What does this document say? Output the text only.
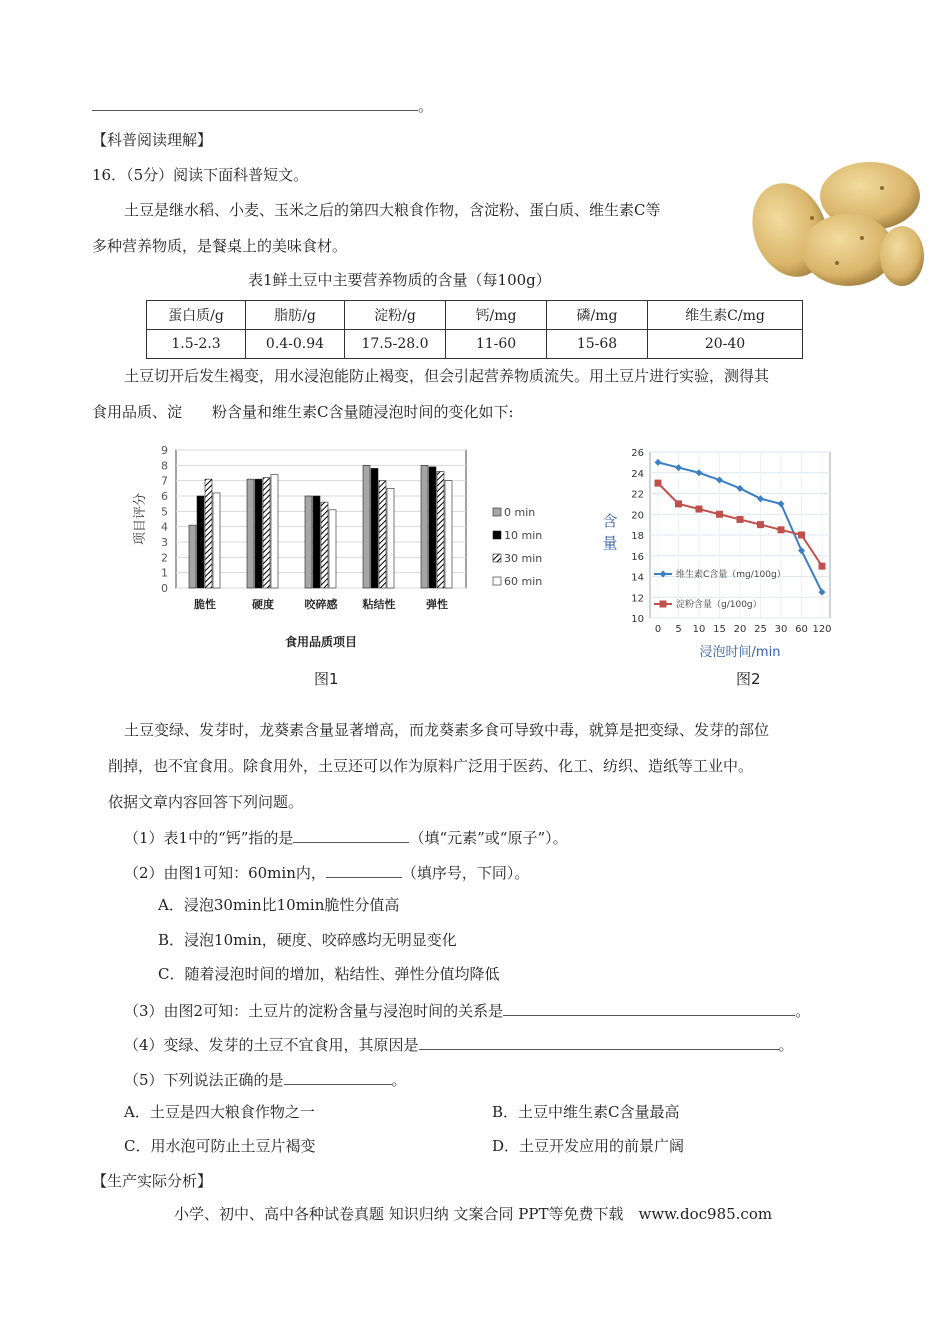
。
【科普阅读理解】
16．（5分）阅读下面科普短文。
土豆是继水稻、小麦、玉米之后的第四大粮食作物，含淀粉、蛋白质、维生素C等
多种营养物质，是餐桌上的美味食材。
表1鲜土豆中主要营养物质的含量（每100g）
蛋白质/g	脂肪/g	淀粉/g	钙/mg	磷/mg	维生素C/mg
1.5-2.3	0.4-0.94	17.5-28.0	11-60	15-68	20-40
土豆切开后发生褐变，用水浸泡能防止褐变，但会引起营养物质流失。用土豆片进行实验，测得其
食用品质、淀　　粉含量和维生素C含量随浸泡时间的变化如下:
0
1
2
3
4
5
6
7
8
9
项目评分
脆性	硬度	咬碎感 粘结性	弹性
食用品质项目
0 min
10 min
30 min
60 min
图1
10
12
14
16
18
20
22
24
26
0 5 10 15 20 25 30 60 120
含
量
浸泡时间/min
维生素C含量（mg/100g）
淀粉含量（g/100g）
图2
土豆变绿、发芽时，龙葵素含量显著增高，而龙葵素多食可导致中毒，就算是把变绿、发芽的部位
削掉，也不宜食用。除食用外，土豆还可以作为原料广泛用于医药、化工、纺织、造纸等工业中。
依据文章内容回答下列问题。
（1）表1中的“钙”指的是	（填“元素”或“原子”）。
（2）由图1可知：60min内，	（填序号，下同）。
A．浸泡30min比10min脆性分值高
B．浸泡10min，硬度、咬碎感均无明显变化
C．随着浸泡时间的增加，粘结性、弹性分值均降低
（3）由图2可知：土豆片的淀粉含量与浸泡时间的关系是	。
（4）变绿、发芽的土豆不宜食用，其原因是	。
（5）下列说法正确的是	。
A．土豆是四大粮食作物之一	B．土豆中维生素C含量最高
C．用水泡可防止土豆片褐变	D．土豆开发应用的前景广阔
【生产实际分析】
小学、初中、高中各种试卷真题 知识归纳 文案合同 PPT等免费下载　www.doc985.com
